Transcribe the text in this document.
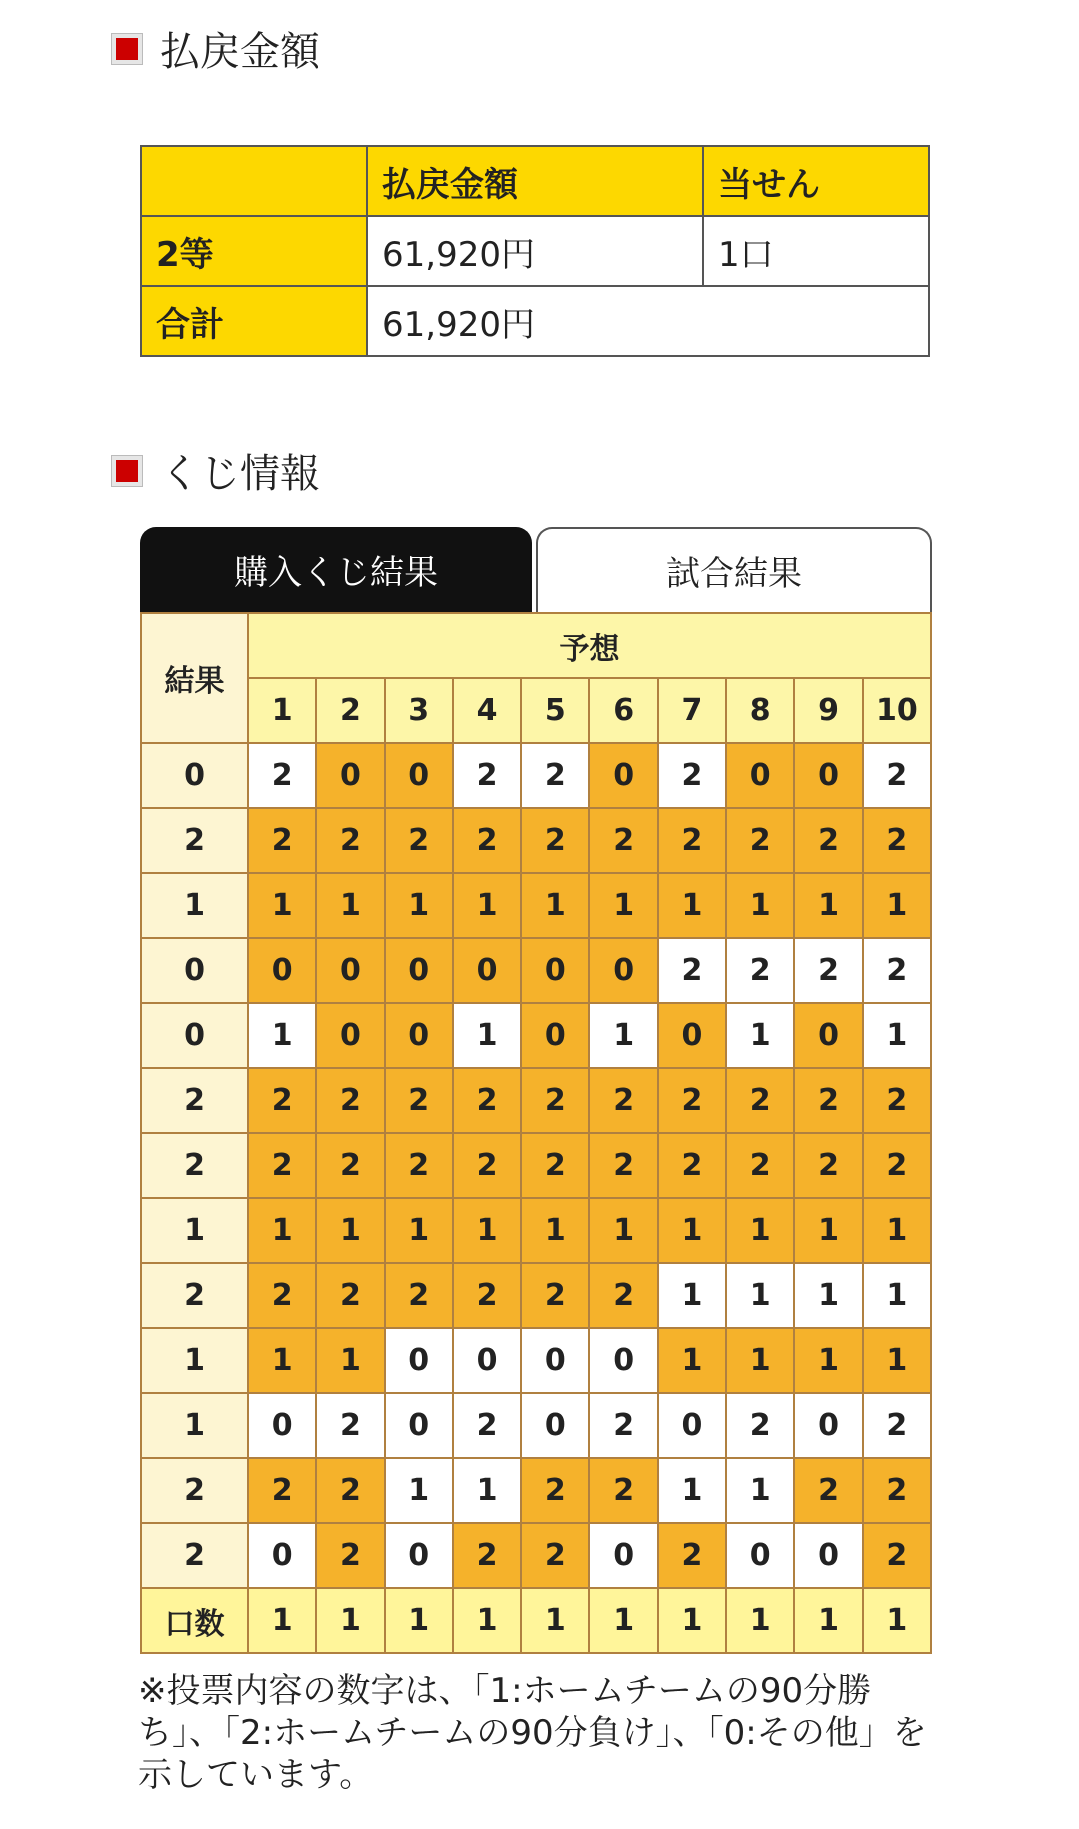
払戻金額
	払戻金額	当せん
2等	61,920円	1口
合計	61,920円	
くじ情報
購入くじ結果	試合結果
結果	予想									
	1	2	3	4	5	6	7	8	9	10
0	2	0	0	2	2	0	2	0	0	2
2	2	2	2	2	2	2	2	2	2	2
1	1	1	1	1	1	1	1	1	1	1
0	0	0	0	0	0	0	2	2	2	2
0	1	0	0	1	0	1	0	1	0	1
2	2	2	2	2	2	2	2	2	2	2
2	2	2	2	2	2	2	2	2	2	2
1	1	1	1	1	1	1	1	1	1	1
2	2	2	2	2	2	2	1	1	1	1
1	1	1	0	0	0	0	1	1	1	1
1	0	2	0	2	0	2	0	2	0	2
2	2	2	1	1	2	2	1	1	2	2
2	0	2	0	2	2	0	2	0	0	2
口数	1	1	1	1	1	1	1	1	1	1
※投票内容の数字は、「1:ホームチームの90分勝ち」、「2:ホームチームの90分負け」、「0:その他」を示しています。
